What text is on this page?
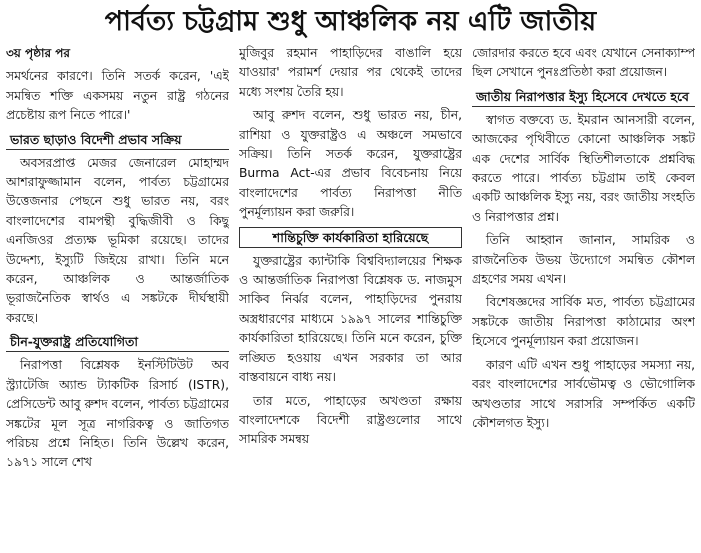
পার্বত্য চট্টগ্রাম শুধু আঞ্চলিক নয় এটি জাতীয়

৩য় পৃষ্ঠার পর

সমর্থনের কারণে। তিনি সতর্ক করেন, 'এই সমন্বিত শক্তি একসময় নতুন রাষ্ট্র গঠনের প্রচেষ্টায় রূপ নিতে পারে।'

ভারত ছাড়াও বিদেশী প্রভাব সক্রিয়

অবসরপ্রাপ্ত মেজর জেনারেল মোহাম্মদ আশরাফুজ্জামান বলেন, পার্বত্য চট্টগ্রামের উত্তেজনার পেছনে শুধু ভারত নয়, বরং বাংলাদেশের বামপন্থী বুদ্ধিজীবী ও কিছু এনজিওর প্রত্যক্ষ ভূমিকা রয়েছে। তাদের উদ্দেশ্য, ইস্যুটি জিইয়ে রাখা। তিনি মনে করেন, আঞ্চলিক ও আন্তর্জাতিক ভূরাজনৈতিক স্বার্থও এ সঙ্কটকে দীর্ঘস্থায়ী করছে।

চীন-যুক্তরাষ্ট্র প্রতিযোগিতা

নিরাপত্তা বিশ্লেষক ইনস্টিটিউট অব স্ট্র্যাটেজি অ্যান্ড ট্যাকটিক রিসার্চ (ISTR), প্রেসিডেন্ট আবু রুশদ বলেন, পার্বত্য চট্টগ্রামের সঙ্কটের মূল সূত্র নাগরিকত্ব ও জাতিগত পরিচয় প্রশ্নে নিহিত। তিনি উল্লেখ করেন, ১৯৭১ সালে শেখ

মুজিবুর রহমান পাহাড়িদের বাঙালি হয়ে যাওয়ার' পরামর্শ দেয়ার পর থেকেই তাদের মধ্যে সংশয় তৈরি হয়।

আবু রুশদ বলেন, শুধু ভারত নয়, চীন, রাশিয়া ও যুক্তরাষ্ট্রও এ অঞ্চলে সমভাবে সক্রিয়। তিনি সতর্ক করেন, যুক্তরাষ্ট্রের Burma Act-এর প্রভাব বিবেচনায় নিয়ে বাংলাদেশের পার্বত্য নিরাপত্তা নীতি পুনর্মূল্যায়ন করা জরুরি।

শান্তিচুক্তি কার্যকারিতা হারিয়েছে

যুক্তরাষ্ট্রের ক্যান্টাকি বিশ্ববিদ্যালয়ের শিক্ষক ও আন্তর্জাতিক নিরাপত্তা বিশ্লেষক ড. নাজমুস সাকিব নির্ঝর বলেন, পাহাড়িদের পুনরায় অস্ত্রধারণের মাধ্যমে ১৯৯৭ সালের শান্তিচুক্তি কার্যকারিতা হারিয়েছে। তিনি মনে করেন, চুক্তি লঙ্ঘিত হওয়ায় এখন সরকার তা আর বাস্তবায়নে বাধ্য নয়।

তার মতে, পাহাড়ের অখণ্ডতা রক্ষায় বাংলাদেশকে বিদেশী রাষ্ট্রগুলোর সাথে সামরিক সমন্বয়

জোরদার করতে হবে এবং যেখানে সেনাক্যাম্প ছিল সেখানে পুনঃপ্রতিষ্ঠা করা প্রয়োজন।

জাতীয় নিরাপত্তার ইস্যু হিসেবে দেখতে হবে

স্বাগত বক্তব্যে ড. ইমরান আনসারী বলেন, আজকের পৃথিবীতে কোনো আঞ্চলিক সঙ্কট এক দেশের সার্বিক স্থিতিশীলতাকে প্রশ্নবিদ্ধ করতে পারে। পার্বত্য চট্টগ্রাম তাই কেবল একটি আঞ্চলিক ইস্যু নয়, বরং জাতীয় সংহতি ও নিরাপত্তার প্রশ্ন।

তিনি আহ্বান জানান, সামরিক ও রাজনৈতিক উভয় উদ্যোগে সমন্বিত কৌশল গ্রহণের সময় এখন।

বিশেষজ্ঞদের সার্বিক মত, পার্বত্য চট্টগ্রামের সঙ্কটকে জাতীয় নিরাপত্তা কাঠামোর অংশ হিসেবে পুনর্মূল্যায়ন করা প্রয়োজন।

কারণ এটি এখন শুধু পাহাড়ের সমস্যা নয়, বরং বাংলাদেশের সার্বভৌমত্ব ও ভৌগোলিক অখণ্ডতার সাথে সরাসরি সম্পর্কিত একটি কৌশলগত ইস্যু।
